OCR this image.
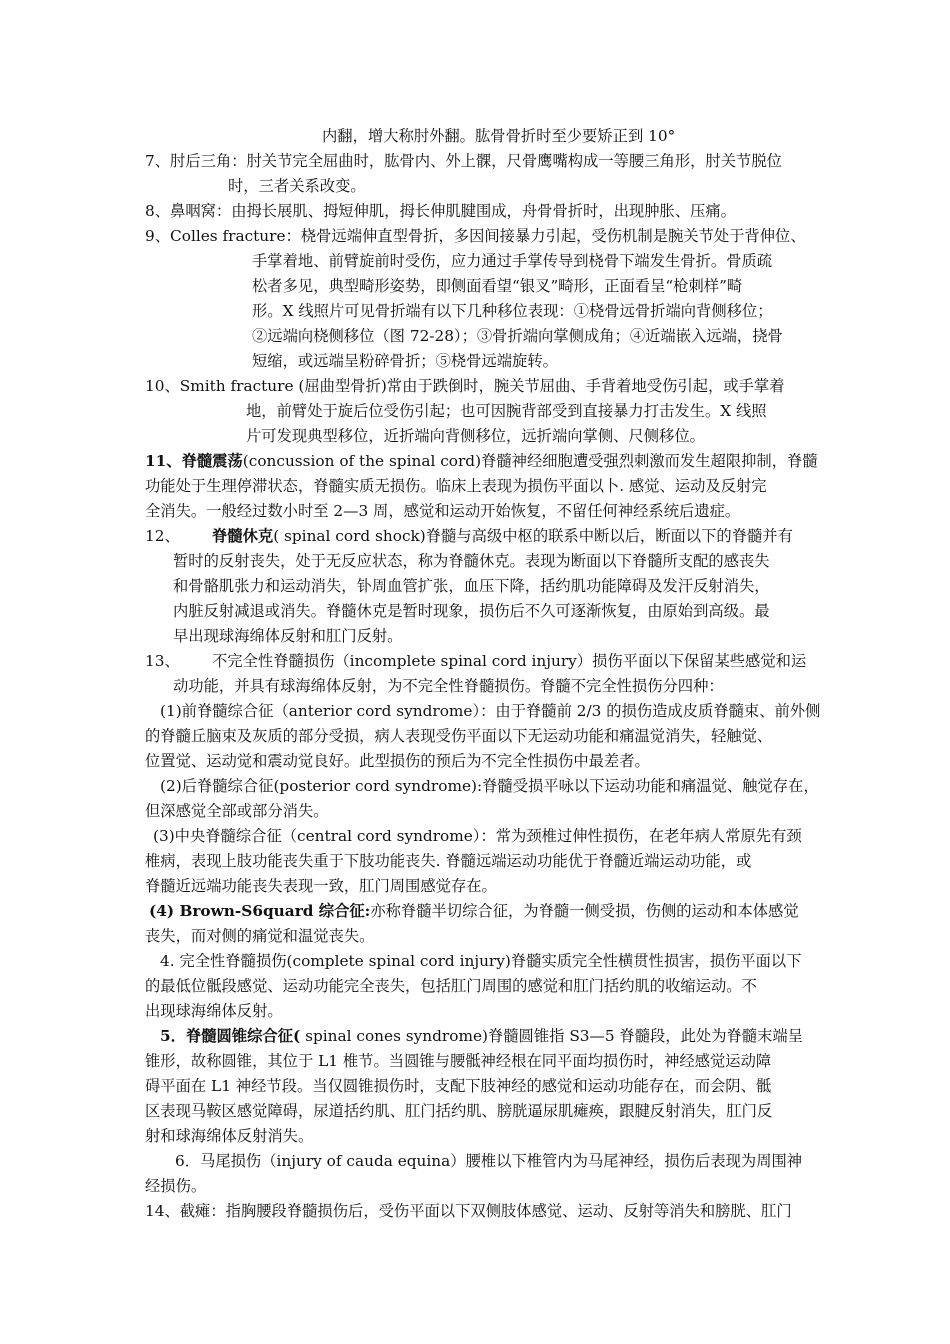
内翻，增大称肘外翻。肱骨骨折时至少要矫正到 10°
7、肘后三角：肘关节完全屈曲时，肱骨内、外上髁，尺骨鹰嘴构成一等腰三角形，肘关节脱位
时，三者关系改变。
8、鼻咽窝：由拇长展肌、拇短伸肌，拇长伸肌腱围成，舟骨骨折时，出现肿胀、压痛。
9、Colles fracture：桡骨远端伸直型骨折，多因间接暴力引起，受伤机制是腕关节处于背伸位、
手掌着地、前臂旋前时受伤，应力通过手掌传导到桡骨下端发生骨折。骨质疏
松者多见，典型畸形姿势，即侧面看望“银叉”畸形，正面看呈“枪刺样”畸
形。X 线照片可见骨折端有以下几种移位表现：①桡骨远骨折端向背侧移位；
②远端向桡侧移位（图 72-28）；③骨折端向掌侧成角；④近端嵌入远端，挠骨
短缩，或远端呈粉碎骨折；⑤桡骨远端旋转。
10、Smith fracture (屈曲型骨折)常由于跌倒时，腕关节屈曲、手背着地受伤引起，或手掌着
地，前臂处于旋后位受伤引起；也可因腕背部受到直接暴力打击发生。X 线照
片可发现典型移位，近折端向背侧移位，远折端向掌侧、尺侧移位。
11、脊髓震荡(concussion of the spinal cord)脊髓神经细胞遭受强烈刺激而发生超限抑制，脊髓
功能处于生理停滞状态，脊髓实质无损伤。临床上表现为损伤平面以卜. 感觉、运动及反射完
全消失。一般经过数小时至 2—3 周，感觉和运动开始恢复，不留任何神经系统后遗症。
12、 脊髓休克( spinal cord shock)脊髓与高级中枢的联系中断以后，断面以下的脊髓并有
暂时的反射丧失，处于无反应状态，称为脊髓休克。表现为断面以下脊髓所支配的感丧失
和骨骼肌张力和运动消失，钋周血管扩张，血压下降，括约肌功能障碍及发汗反射消失，
内脏反射减退或消失。脊髓休克是暂时现象，损伤后不久可逐渐恢复，由原始到高级。最
早出现球海绵体反射和肛门反射。
13、 不完全性脊髓损伤（incomplete spinal cord injury）损伤平面以下保留某些感觉和运
动功能，并具有球海绵体反射，为不完全性脊髓损伤。脊髓不完全性损伤分四种：
(1)前脊髓综合征（anterior cord syndrome）：由于脊髓前 2/3 的损伤造成皮质脊髓束、前外侧
的脊髓丘脑束及灰质的部分受损，病人表现受伤平面以下无运动功能和痛温觉消失，轻触觉、
位置觉、运动觉和震动觉良好。此型损伤的预后为不完全性损伤中最差者。
(2)后脊髓综合征(posterior cord syndrome):脊髓受损平咏以下运动功能和痛温觉、触觉存在，
但深感觉全部或部分消失。
(3)中央脊髓综合征（central cord syndrome）：常为颈椎过伸性损伤，在老年病人常原先有颈
椎病，表现上肢功能丧失重于下肢功能丧失. 脊髓远端运动功能优于脊髓近端运动功能，或
脊髓近远端功能丧失表现一致，肛门周围感觉存在。
(4) Brown-S6quard 综合征:亦称脊髓半切综合征，为脊髓一侧受损，伤侧的运动和本体感觉
丧失，而对侧的痛觉和温觉丧失。
4. 完全性脊髓损伤(complete spinal cord injury)脊髓实质完全性横贯性损害，损伤平面以下
的最低位骶段感觉、运动功能完全丧失，包括肛门周围的感觉和肛门括约肌的收缩运动。不
出现球海绵体反射。
5．脊髓圆锥综合征( spinal cones syndrome)脊髓圆锥指 S3—5 脊髓段，此处为脊髓末端呈
锥形，故称圆锥，其位于 L1 椎节。当圆锥与腰骶神经根在同平面均损伤时，神经感觉运动障
碍平面在 L1 神经节段。当仅圆锥损伤时，支配下肢神经的感觉和运动功能存在，而会阴、骶
区表现马鞍区感觉障碍，尿道括约肌、肛门括约肌、膀胱逼尿肌瘫痪，跟腱反射消失，肛门反
射和球海绵体反射消失。
6．马尾损伤（injury of cauda equina）腰椎以下椎管内为马尾神经，损伤后表现为周围神
经损伤。
14、截瘫：指胸腰段脊髓损伤后，受伤平面以下双侧肢体感觉、运动、反射等消失和膀胱、肛门
